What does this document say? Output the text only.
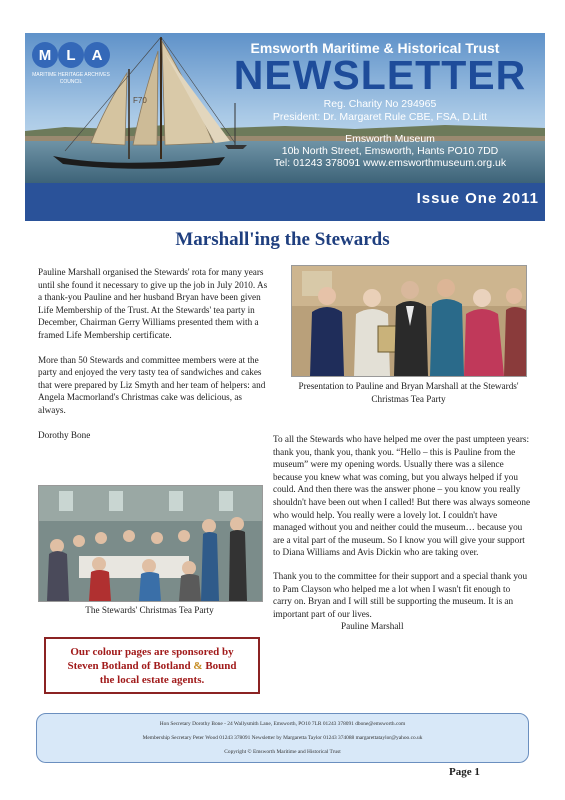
M L A
MARITIME HERITAGE ARCHIVES
COUNCIL
F70
Emsworth Maritime & Historical Trust
NEWSLETTER
Reg. Charity No 294965
President: Dr. Margaret Rule CBE, FSA, D.Litt
Emsworth Museum
10b North Street, Emsworth, Hants PO10 7DD
Tel: 01243 378091 www.emsworthmuseum.org.uk
Issue One 2011
Marshall'ing the Stewards

Pauline Marshall organised the Stewards' rota for many years until she found it necessary to give up the job in July 2010. As a thank-you Pauline and her husband Bryan have been given Life Membership of the Trust. At the Stewards' tea party in December, Chairman Gerry Williams presented them with a framed Life Membership certificate.

More than 50 Stewards and committee members were at the party and enjoyed the very tasty tea of sandwiches and cakes that were prepared by Liz Smyth and her team of helpers: and Angela Macmorland's Christmas cake was delicious, as always.

Dorothy Bone

Presentation to Pauline and Bryan Marshall at the Stewards' Christmas Tea Party
The Stewards' Christmas Tea Party

To all the Stewards who have helped me over the past umpteen years: thank you, thank you, thank you. “Hello – this is Pauline from the museum” were my opening words. Usually there was a silence because you knew what was coming, but you always helped if you could. And then there was the answer phone – you know you really shouldn't have been out when I called! But there was always someone who would help. You really were a lovely lot. I couldn't have managed without you and neither could the museum… because you are a vital part of the museum. So I know you will give your support to Diana Williams and Avis Dickin who are taking over.

Thank you to the committee for their support and a special thank you to Pam Clayson who helped me a lot when I wasn't fit enough to carry on. Bryan and I will still be supporting the museum. It is an important part of our lives.

Pauline Marshall
Our colour pages are sponsored by
Steven Botland of Botland & Bound
the local estate agents.
Hon Secretary Dorothy Bone - 24 Wallysmith Lane, Emsworth, PO10 7LR 01243 378091 dbone@emsworth.com
Membership Secretary Peter Wood 01243 378091 Newsletter by Margaretta Taylor 01243 374088 margarettataylor@yahoo.co.uk
Copyright © Emsworth Maritime and Historical Trust
Page 1
